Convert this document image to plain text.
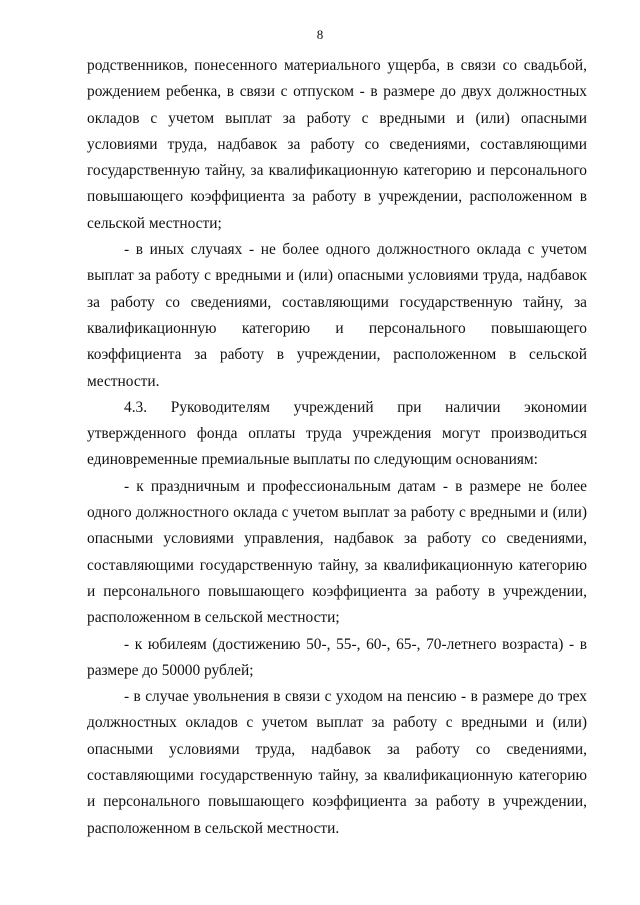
8

родственников, понесенного материального ущерба, в связи со свадьбой, рождением ребенка, в связи с отпуском - в размере до двух должностных окладов с учетом выплат за работу с вредными и (или) опасными условиями труда, надбавок за работу со сведениями, составляющими государственную тайну, за квалификационную категорию и персонального повышающего коэффициента за работу в учреждении, расположенном в сельской местности;

- в иных случаях - не более одного должностного оклада с учетом выплат за работу с вредными и (или) опасными условиями труда, надбавок за работу со сведениями, составляющими государственную тайну, за квалификационную категорию и персонального повышающего коэффициента за работу в учреждении, расположенном в сельской местности.

4.3. Руководителям учреждений при наличии экономии утвержденного фонда оплаты труда учреждения могут производиться единовременные премиальные выплаты по следующим основаниям:

- к праздничным и профессиональным датам - в размере не более одного должностного оклада с учетом выплат за работу с вредными и (или) опасными условиями управления, надбавок за работу со сведениями, составляющими государственную тайну, за квалификационную категорию и персонального повышающего коэффициента за работу в учреждении, расположенном в сельской местности;

- к юбилеям (достижению 50-, 55-, 60-, 65-, 70-летнего возраста) - в размере до 50000 рублей;

- в случае увольнения в связи с уходом на пенсию - в размере до трех должностных окладов с учетом выплат за работу с вредными и (или) опасными условиями труда, надбавок за работу со сведениями, составляющими государственную тайну, за квалификационную категорию и персонального повышающего коэффициента за работу в учреждении, расположенном в сельской местности.
